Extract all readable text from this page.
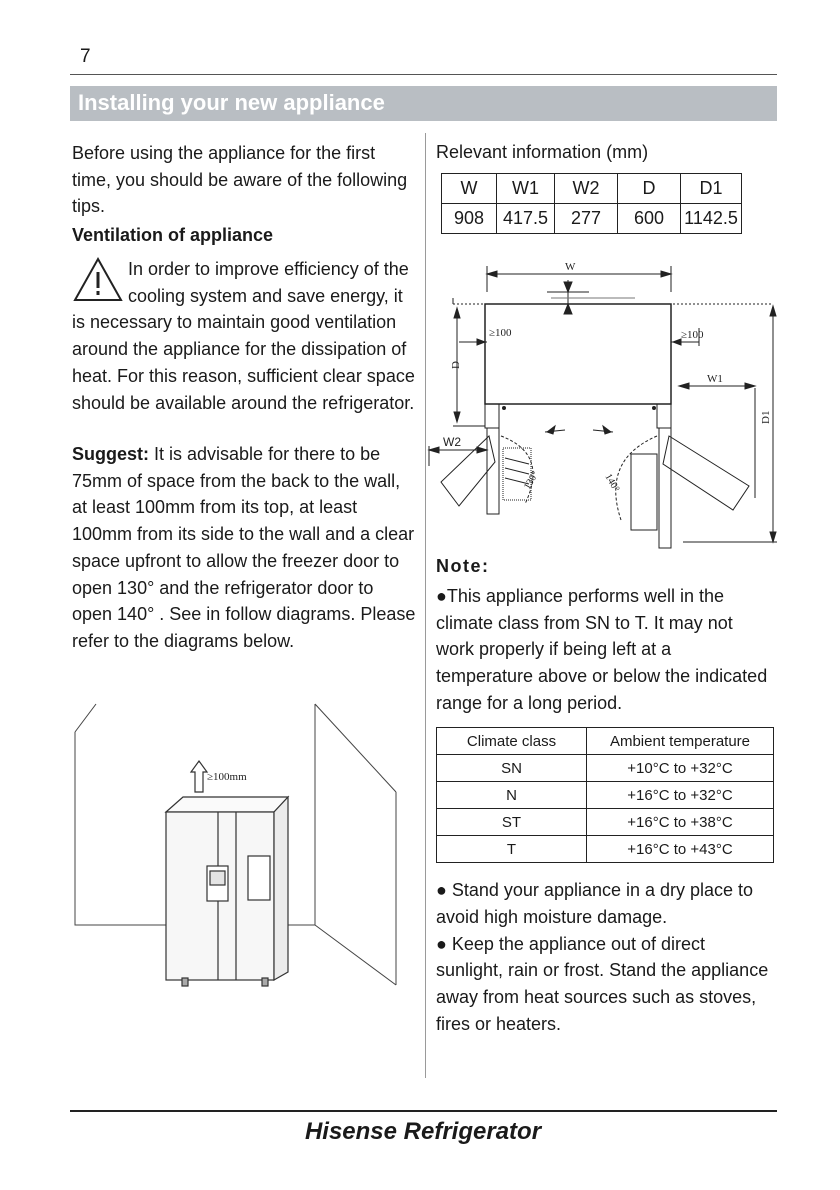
7
Installing your new appliance
Before using the appliance for the first time, you should be aware of the following tips.
Ventilation of appliance

In order to improve efficiency of the cooling system and save energy, it is necessary to maintain good ventilation around the appliance for the dissipation of heat. For this reason, sufficient clear space should be available around the refrigerator.

Suggest: It is advisable for there to be 75mm of space from the back to the wall, at least 100mm from its top, at least 100mm from its side to the wall and a clear space upfront to allow the freezer door to open 130° and the refrigerator door to open 140° . See in follow diagrams. Please refer to the diagrams below.
≥100mm
Relevant information (mm)
W	W1	W2	D	D1
908	417.5	277	600	1142.5
W
D
≥100	≥100
W1
D1
W2
130°	140°
Note:
●This appliance performs well in the climate class from SN to T. It may not work properly if being left at a temperature above or below the indicated range for a long period.
Climate class	Ambient temperature
SN	+10°C to +32°C
N	+16°C to +32°C
ST	+16°C to +38°C
T	+16°C to +43°C

● Stand your appliance in a dry place to avoid high moisture damage.

● Keep the appliance out of direct sunlight, rain or frost. Stand the appliance away from heat sources such as stoves, fires or heaters.

Hisense Refrigerator
